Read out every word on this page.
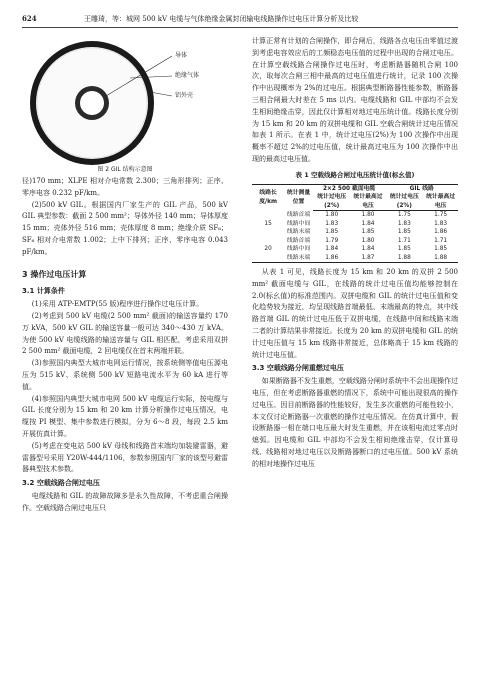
624	王雕琦，等：城网 500 kV 电缆与气体绝缘金属封闭输电线路操作过电压计算分析及比较
导体
绝缘气体
铝外壳
图 2 GIL 结构示意图

径)170 mm；XLPE 相对介电常数 2.300；三角形排列；正序、零序电容 0.232 pF/km。

(2)500 kV GIL。根据国内厂家生产的 GIL 产品，500 kV GIL 典型参数：截面 2 500 mm²；导体外径 140 mm；导体厚度 15 mm；壳体外径 516 mm；壳体厚度 8 mm；绝缘介质 SF₆；SF₆ 相对介电常数 1.002；上中下排列；正序、零序电容 0.043 pF/km。

3 操作过电压计算
3.1 计算条件

(1)采用 ATP-EMTP(55 版)程序进行操作过电压计算。

(2)考虑到 500 kV 电缆(2 500 mm² 截面)的输送容量约 170 万 kVA，500 kV GIL 的输送容量一般可达 340～430 万 kVA。为使 500 kV 电缆线路的输送容量与 GIL 相匹配，考虑采用双拼 2 500 mm² 截面电缆，2 回电缆仅在首末两端并联。

(3)参照国内典型大城市电网运行情况，按系统侧等值电压源电压为 515 kV、系统侧 500 kV 短路电流水平为 60 kA 进行等值。

(4)参照国内典型大城市电网 500 kV 电缆运行实际，按电缆与 GIL 长度分别为 15 km 和 20 km 计算分析操作过电压情况，电缆按 PI 模型、集中参数进行模拟，分为 6～8 段，每段 2.5 km 开展仿真计算。

(5)考虑在变电站 500 kV 母线和线路首末端均加装避雷器，避雷器型号采用 Y20W-444/1106，参数参照国内厂家的该型号避雷器典型技术参数。

3.2 空载线路合闸过电压

电缆线路和 GIL 的故障故障多是永久性故障，不考虑重合闸操作。空载线路合闸过电压只

计算正常有计划的合闸操作，即合闸后，线路各点电压由零值过渡到考虑电容效应后的工频稳态电压值的过程中出现的合闸过电压。在计算空载线路合闸操作过电压时，考虑断路器随机合闸 100 次，取每次合闸三相中最高的过电压值进行统计，记录 100 次操作中出现概率为 2%的过电压。根据典型断路器性能参数，断路器三相合闸最大时差在 5 ms 以内。电缆线路和 GIL 中部均不会发生相间绝缘击穿，因此仅计算相对地过电压统计值。线路长度分别为 15 km 和 20 km 的双拼电缆和 GIL 空载合闸统计过电压情况如表 1 所示。在表 1 中，统计过电压(2%)为 100 次操作中出现概率不超过 2%的过电压值，统计最高过电压为 100 次操作中出现的最高过电压值。

表 1 空载线路合闸过电压统计值(标幺值)
线路长度/km	统计测量位置	2×2 500 截面电缆		GIL 线路	
		统计过电压(2%)	统计最高过电压	统计过电压(2%)	统计最高过电压
	线路首端	1.80	1.80	1.75	1.75
15	线路中间	1.83	1.84	1.83	1.83
	线路末端	1.85	1.85	1.85	1.86
	线路首端	1.79	1.80	1.71	1.71
20	线路中间	1.84	1.84	1.85	1.85
	线路末端	1.86	1.87	1.88	1.88

从表 1 可见，线路长度为 15 km 和 20 km 的双拼 2 500 mm² 截面电缆与 GIL，在线路的统计过电压值均能够控制在 2.0(标幺值)的标准范围内。双拼电缆和 GIL 的统计过电压值和变化趋势较为接近，均呈现线路首端最低、末端最高的特点，其中线路首端 GIL 的统计过电压低于双拼电缆，在线路中间和线路末端二者的计算结果非常接近。长度为 20 km 的双拼电缆和 GIL 的统计过电压值与 15 km 线路非常接近，总体略高于 15 km 线路的统计过电压值。

3.3 空载线路分闸重燃过电压

如果断路器不发生重燃，空载线路分闸时系统中不会出现操作过电压，但在考虑断路器重燃的情况下，系统中可能出现很高的操作过电压。因目前断路器的性能较好，发生多次重燃的可能性较小，本文仅讨论断路器一次重燃的操作过电压情况。在仿真计算中，假设断路器一相在端口电压最大时发生重燃，并在该相电流过零点时熄弧。因电缆和 GIL 中部均不会发生相间绝缘击穿，仅计算母线、线路相对地过电压以及断路器断口的过电压值。500 kV 系统的相对地操作过电压
